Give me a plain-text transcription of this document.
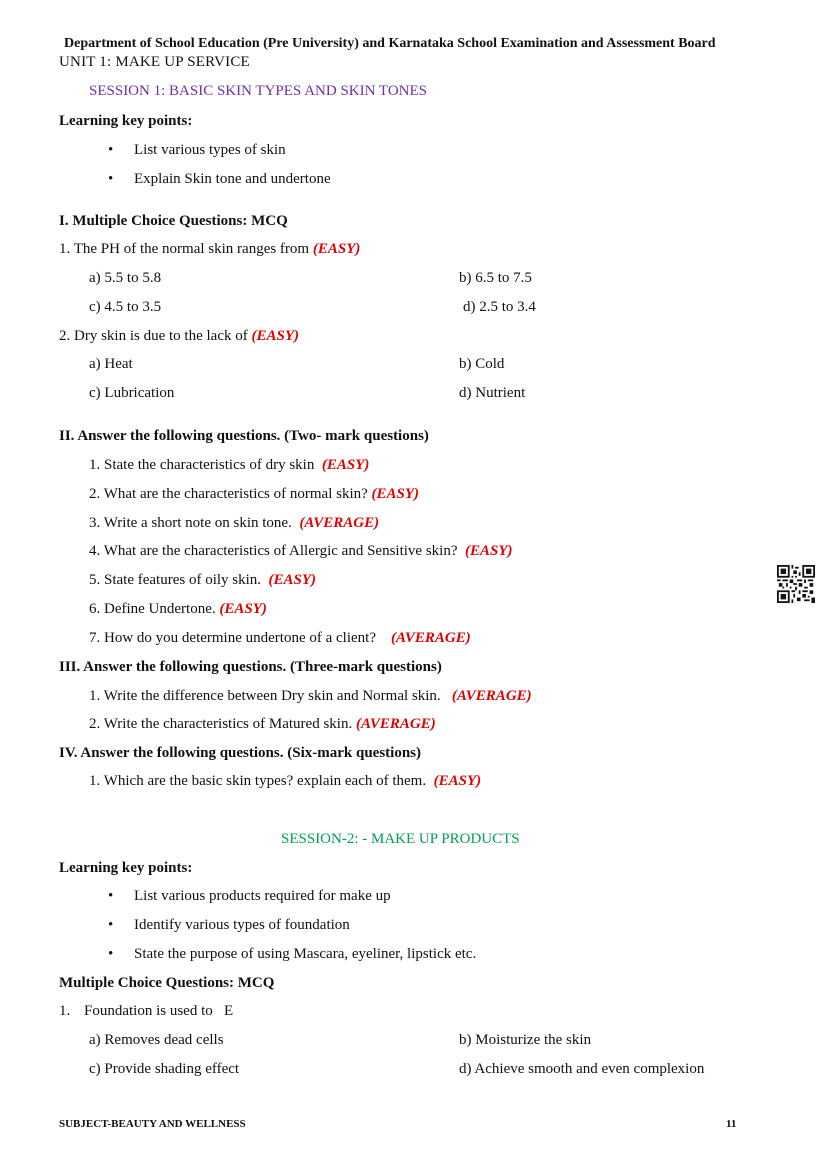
Department of School Education (Pre University) and Karnataka School Examination and Assessment Board
UNIT 1: MAKE UP SERVICE
SESSION 1: BASIC SKIN TYPES AND SKIN TONES
Learning key points:
• List various types of skin
• Explain Skin tone and undertone
I. Multiple Choice Questions: MCQ
1. The PH of the normal skin ranges from (EASY)
a) 5.5 to 5.8	b) 6.5 to 7.5
c) 4.5 to 3.5	d) 2.5 to 3.4
2. Dry skin is due to the lack of (EASY)
a) Heat	b) Cold
c) Lubrication	d) Nutrient
II. Answer the following questions. (Two- mark questions)
1. State the characteristics of dry skin (EASY)
2. What are the characteristics of normal skin? (EASY)
3. Write a short note on skin tone. (AVERAGE)
4. What are the characteristics of Allergic and Sensitive skin? (EASY)
5. State features of oily skin. (EASY)
6. Define Undertone. (EASY)
7. How do you determine undertone of a client? (AVERAGE)
III. Answer the following questions. (Three-mark questions)
1. Write the difference between Dry skin and Normal skin. (AVERAGE)
2. Write the characteristics of Matured skin. (AVERAGE)
IV. Answer the following questions. (Six-mark questions)
1. Which are the basic skin types? explain each of them. (EASY)
SESSION-2: - MAKE UP PRODUCTS
Learning key points:
• List various products required for make up
• Identify various types of foundation
• State the purpose of using Mascara, eyeliner, lipstick etc.
Multiple Choice Questions: MCQ
1. Foundation is used to E
a) Removes dead cells	b) Moisturize the skin
c) Provide shading effect	d) Achieve smooth and even complexion
SUBJECT-BEAUTY AND WELLNESS	11
